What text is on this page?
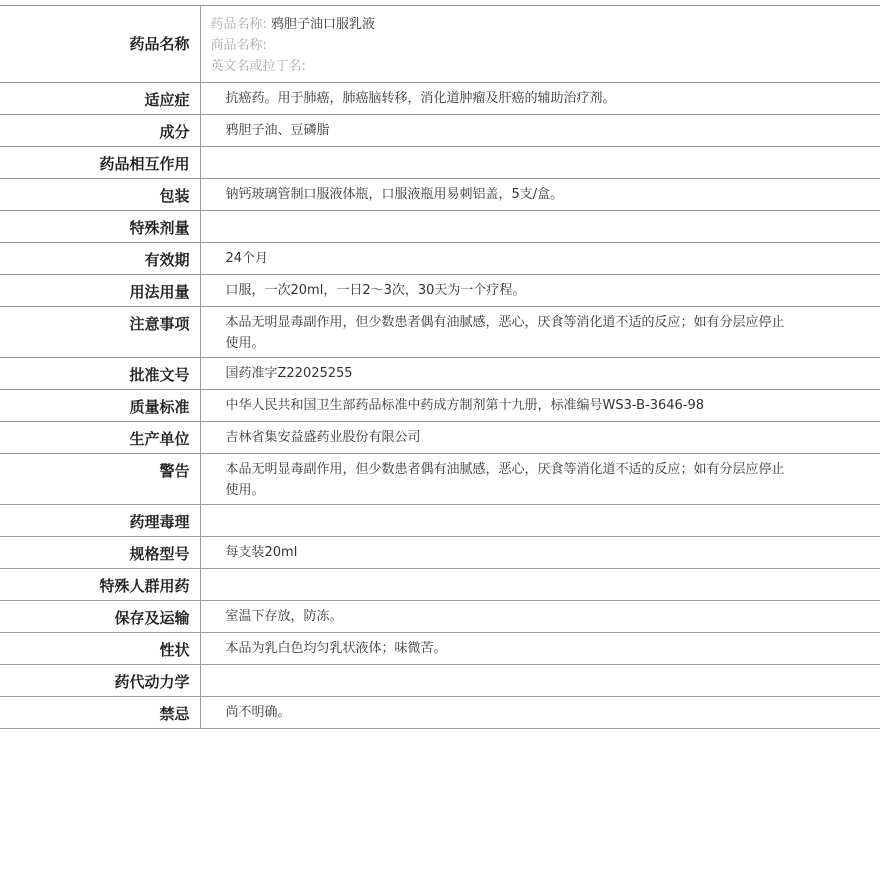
药品名称	药品名称: 鸦胆子油口服乳液
商品名称:
英文名或拉丁名:

适应症	抗癌药。用于肺癌，肺癌脑转移，消化道肿瘤及肝癌的辅助治疗剂。
成分	鸦胆子油、豆磷脂
药品相互作用	
包装	钠钙玻璃管制口服液体瓶，口服液瓶用易刺铝盖，5支/盒。
特殊剂量	
有效期	24个月
用法用量	口服，一次20ml，一日2～3次，30天为一个疗程。
注意事项	本品无明显毒副作用，但少数患者偶有油腻感，恶心，厌食等消化道不适的反应；如有分层应停止使用。
批准文号	国药准字Z22025255
质量标准	中华人民共和国卫生部药品标准中药成方制剂第十九册，标准编号WS3-B-3646-98
生产单位	吉林省集安益盛药业股份有限公司
警告	本品无明显毒副作用，但少数患者偶有油腻感，恶心，厌食等消化道不适的反应；如有分层应停止使用。
药理毒理	
规格型号	每支装20ml
特殊人群用药	
保存及运输	室温下存放，防冻。
性状	本品为乳白色均匀乳状液体；味微苦。
药代动力学	
禁忌	尚不明确。
